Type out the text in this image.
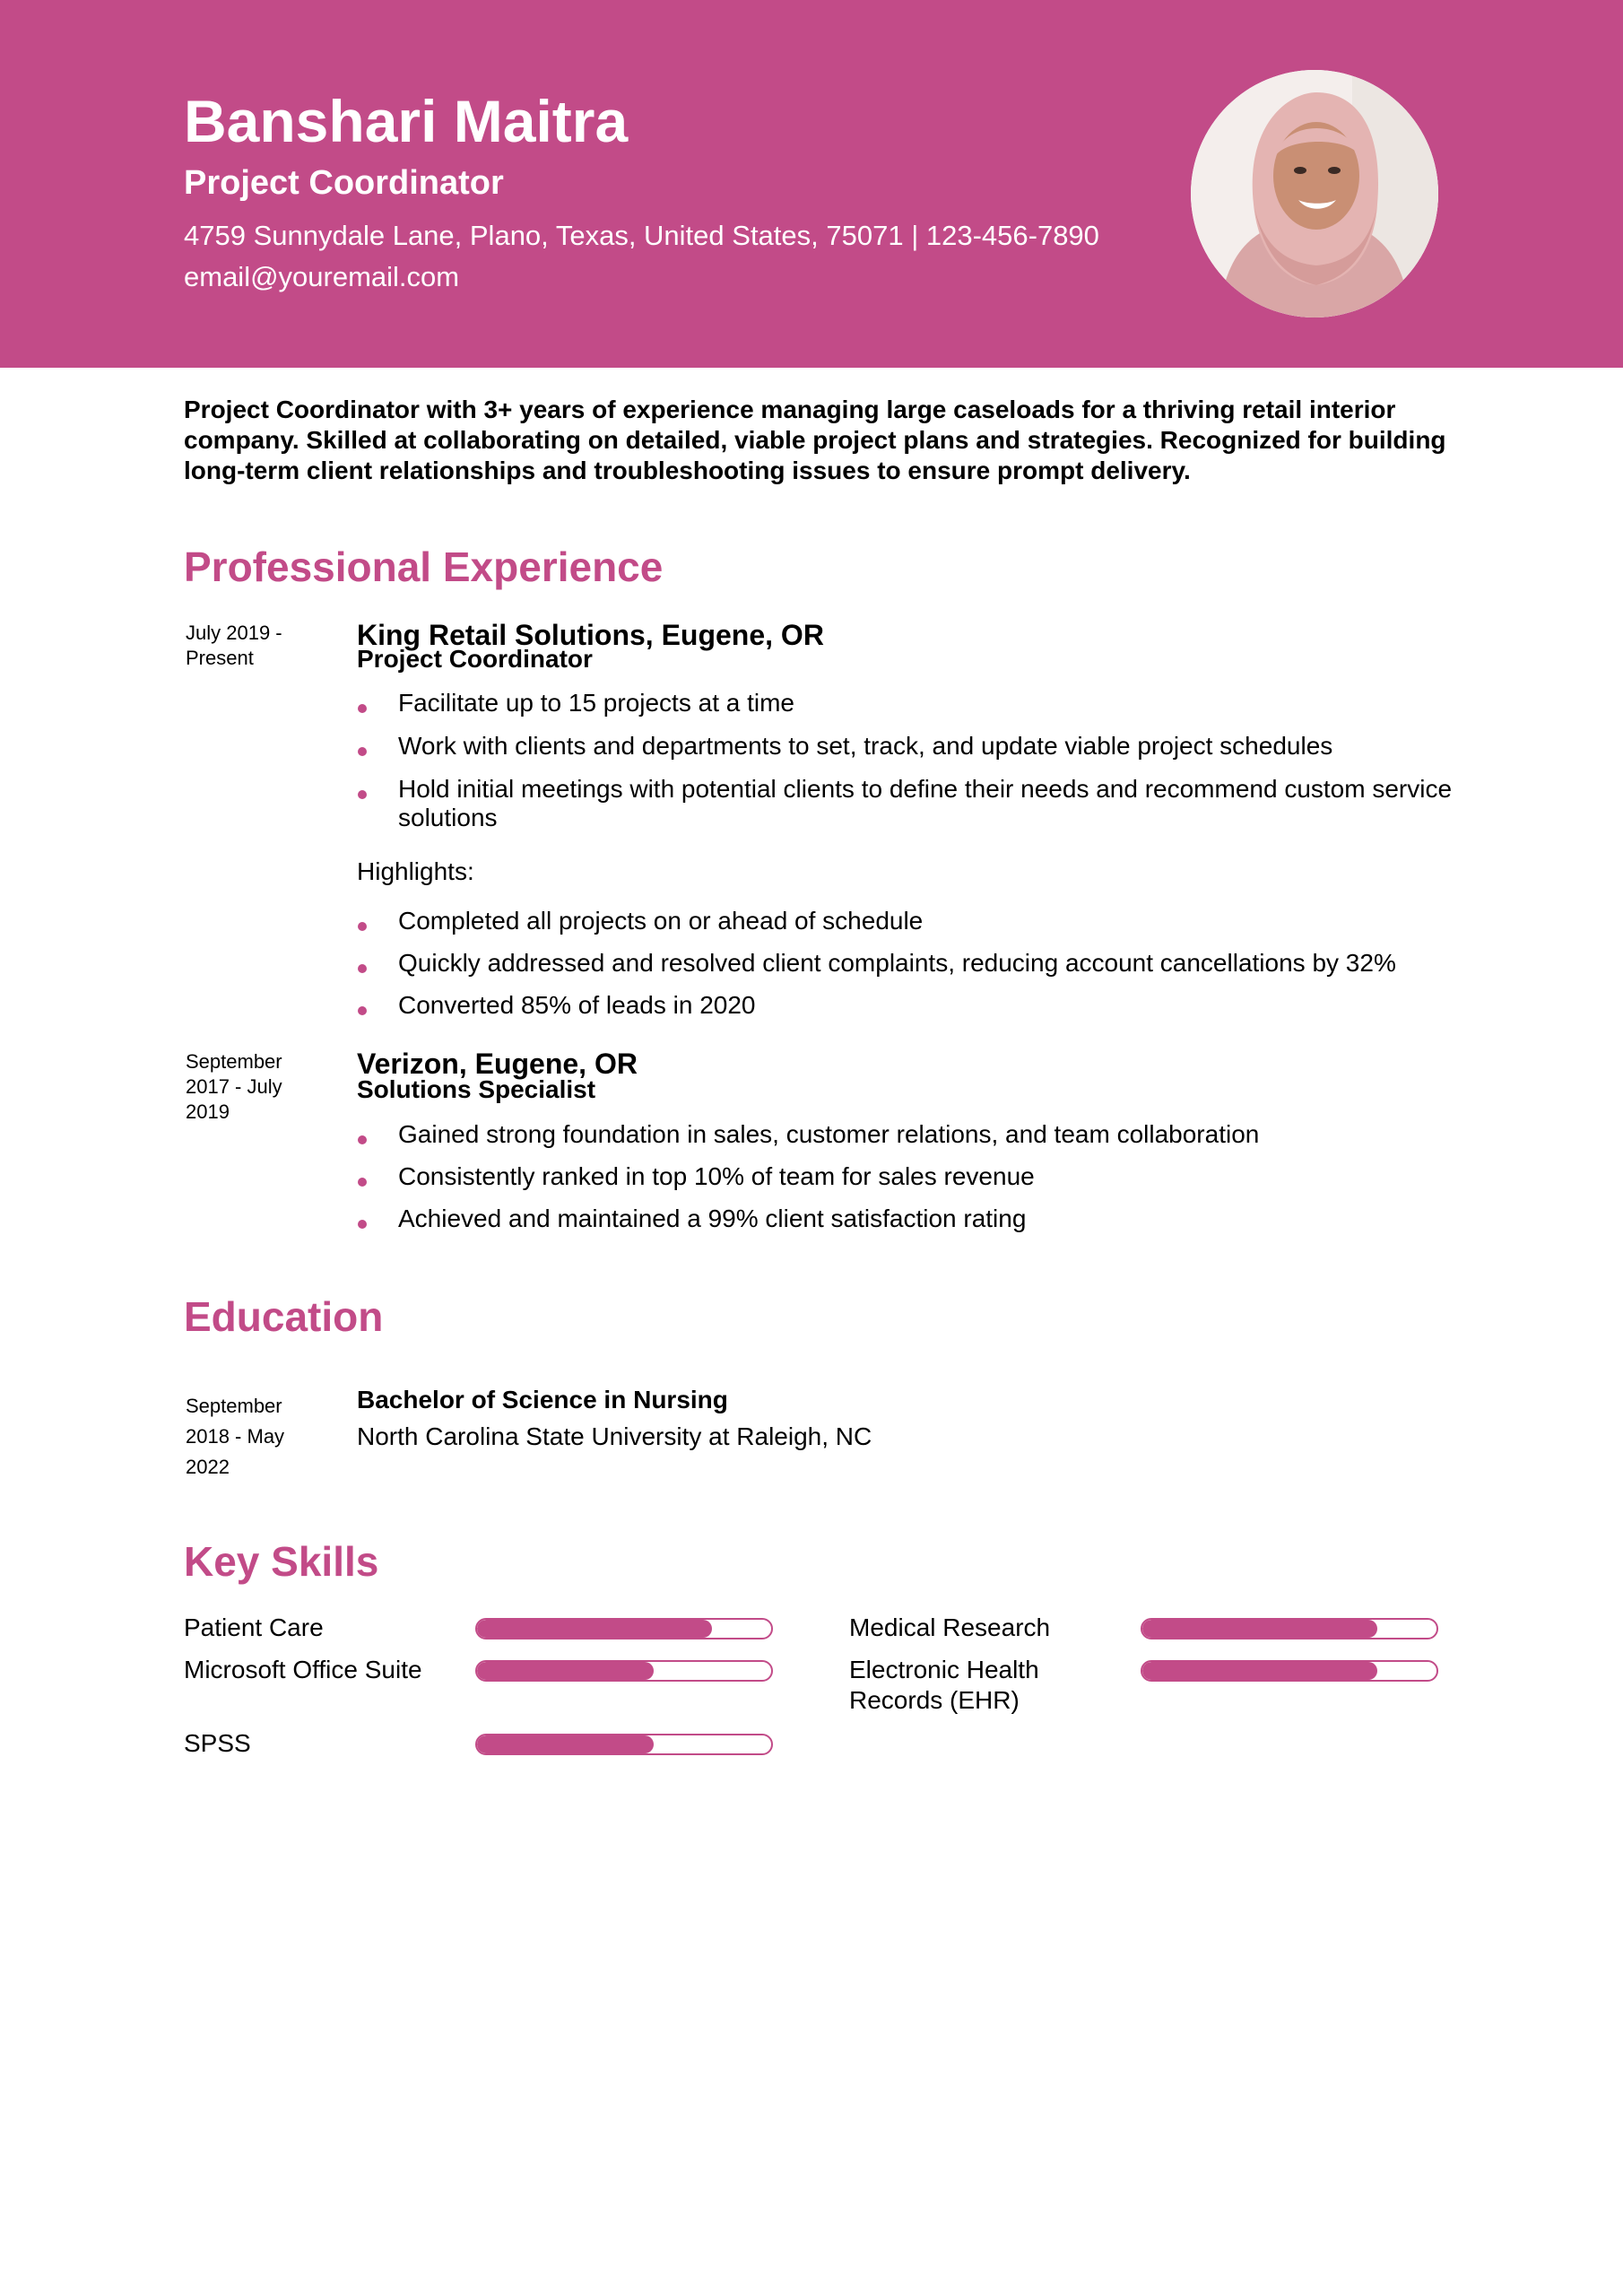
Banshari Maitra
Project Coordinator
4759 Sunnydale Lane, Plano, Texas, United States, 75071 | 123-456-7890
email@youremail.com
Project Coordinator with 3+ years of experience managing large caseloads for a thriving retail interior company. Skilled at collaborating on detailed, viable project plans and strategies. Recognized for building long-term client relationships and troubleshooting issues to ensure prompt delivery.
Professional Experience
July 2019 -
Present
King Retail Solutions, Eugene, OR
Project Coordinator
Facilitate up to 15 projects at a time
Work with clients and departments to set, track, and update viable project schedules
Hold initial meetings with potential clients to define their needs and recommend custom service solutions
Highlights:
Completed all projects on or ahead of schedule
Quickly addressed and resolved client complaints, reducing account cancellations by 32%
Converted 85% of leads in 2020
September
2017 - July
2019
Verizon, Eugene, OR
Solutions Specialist
Gained strong foundation in sales, customer relations, and team collaboration
Consistently ranked in top 10% of team for sales revenue
Achieved and maintained a 99% client satisfaction rating
Education
September
2018 - May
2022
Bachelor of Science in Nursing
North Carolina State University at Raleigh, NC
Key Skills
Patient Care	Medical Research
Microsoft Office Suite	Electronic Health Records (EHR)
SPSS
